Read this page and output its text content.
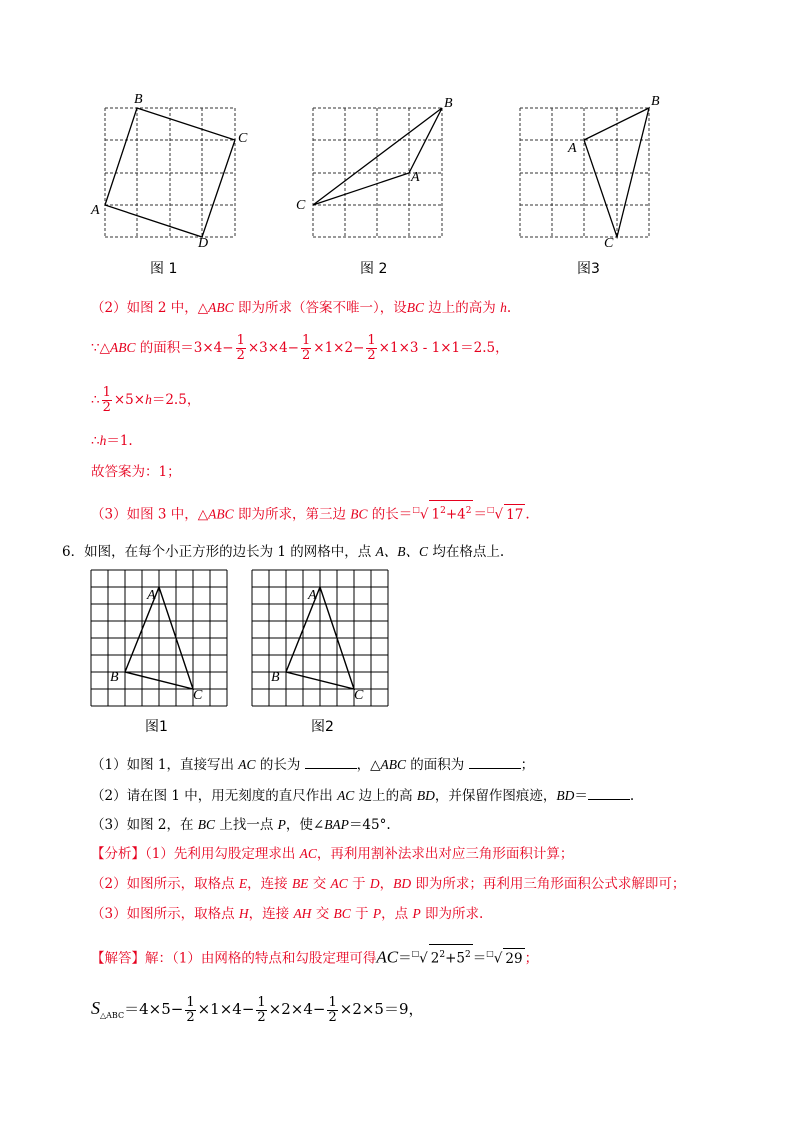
B
C
A
D
图 1
B
A
C
图 2
B
A
C
图3
（2）如图 2 中，△ABC 即为所求（答案不唯一），设BC 边上的高为 h.
∵△ABC 的面积$=3\times 4- \frac{1}{2} \times 3\times 4- \frac{1}{2} \times 1\times 2- \frac{1}{2} \times 1\times 3 - 1\times 1=2.5$，
∴ $\frac{1}{2} \times 5\times h=2.5$，
∴h＝1.
故答案为：1；
（3）如图 3 中，△ABC 即为所求，第三边 BC 的长＝□√ $1^2+4^2 =^□√$ 17 .
6．如图，在每个小正方形的边长为 1 的网格中，点 A、B、C 均在格点上.
A
B
C
图1
A
B
C
图2
（1）如图 1，直接写出 AC 的长为	，△ABC 的面积为	；
（2）请在图 1 中，用无刻度的直尺作出 AC 边上的高 BD，并保留作图痕迹，BD＝	.
（3）如图 2，在 BC 上找一点 P，使∠BAP＝45°.
【分析】（1）先利用勾股定理求出 AC，再利用割补法求出对应三角形面积计算；
（2）如图所示，取格点 E，连接 BE 交 AC 于 D，BD 即为所求；再利用三角形面积公式求解即可；
（3）如图所示，取格点 H，连接 AH 交 BC 于 P，点 P 即为所求.
【解答】解：（1）由网格的特点和勾股定理可得AC＝□√ $2^2+5^2 =^□√$ 29 ；
$S_{\triangle ABC}=4\times 5- \frac{1}{2} \times 1\times 4- \frac{1}{2} \times 2\times 4- \frac{1}{2} \times 2\times 5=9$，
